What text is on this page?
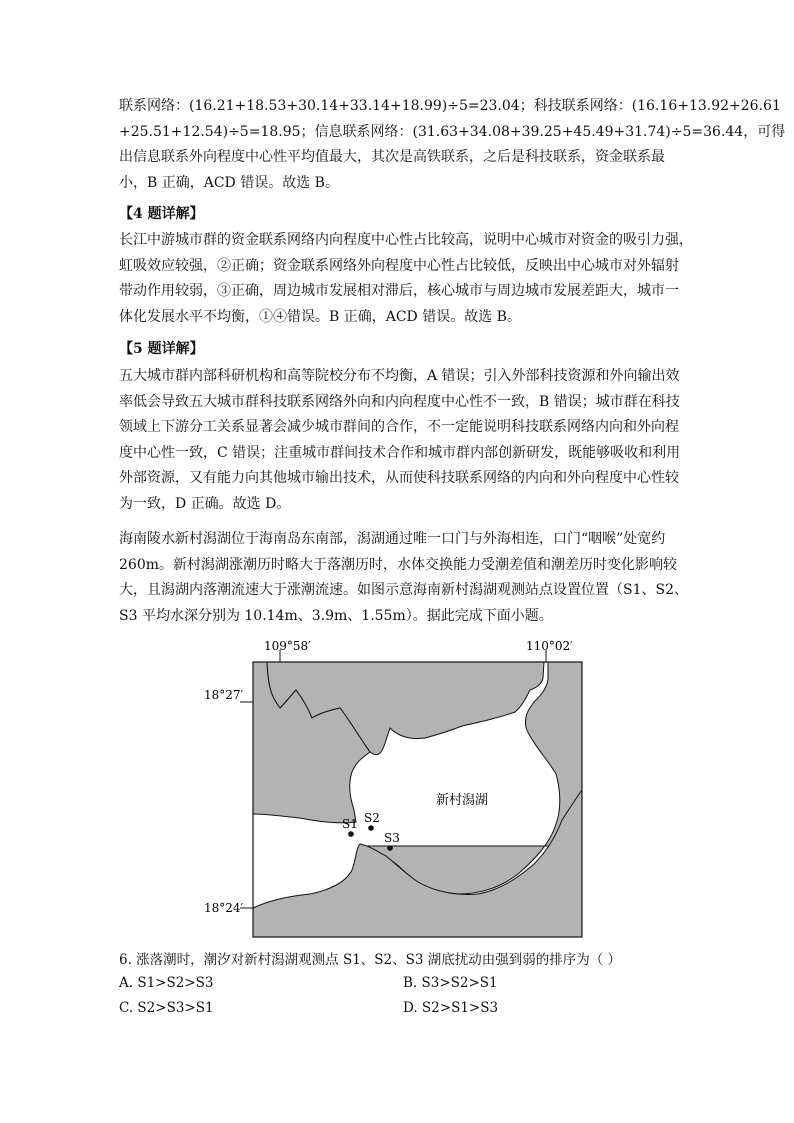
联系网络：(16.21+18.53+30.14+33.14+18.99)÷5=23.04；科技联系网络：(16.16+13.92+26.61
+25.51+12.54)÷5=18.95；信息联系网络：(31.63+34.08+39.25+45.49+31.74)÷5=36.44，可得
出信息联系外向程度中心性平均值最大，其次是高铁联系，之后是科技联系，资金联系最
小，B 正确，ACD 错误。故选 B。
【4 题详解】
长江中游城市群的资金联系网络内向程度中心性占比较高，说明中心城市对资金的吸引力强，
虹吸效应较强，②正确；资金联系网络外向程度中心性占比较低，反映出中心城市对外辐射
带动作用较弱，③正确，周边城市发展相对滞后，核心城市与周边城市发展差距大，城市一
体化发展水平不均衡，①④错误。B 正确，ACD 错误。故选 B。
【5 题详解】
五大城市群内部科研机构和高等院校分布不均衡，A 错误；引入外部科技资源和外向输出效
率低会导致五大城市群科技联系网络外向和内向程度中心性不一致，B 错误；城市群在科技
领域上下游分工关系显著会减少城市群间的合作，不一定能说明科技联系网络内向和外向程
度中心性一致，C 错误；注重城市群间技术合作和城市群内部创新研发，既能够吸收和利用
外部资源，又有能力向其他城市输出技术，从而使科技联系网络的内向和外向程度中心性较
为一致，D 正确。故选 D。
海南陵水新村潟湖位于海南岛东南部，潟湖通过唯一口门与外海相连，口门“咽喉”处宽约
260m。新村潟湖涨潮历时略大于落潮历时，水体交换能力受潮差值和潮差历时变化影响较
大，且潟湖内落潮流速大于涨潮流速。如图示意海南新村潟湖观测站点设置位置（S1、S2、
S3 平均水深分别为 10.14m、3.9m、1.55m）。据此完成下面小题。
109°58′	110°02′
18°27′
18°24′
新村潟湖
S1 S2
S3
6. 涨落潮时，潮汐对新村潟湖观测点 S1、S2、S3 湖底扰动由强到弱的排序为（ ）
A. S1>S2>S3	B. S3>S2>S1
C. S2>S3>S1	D. S2>S1>S3
